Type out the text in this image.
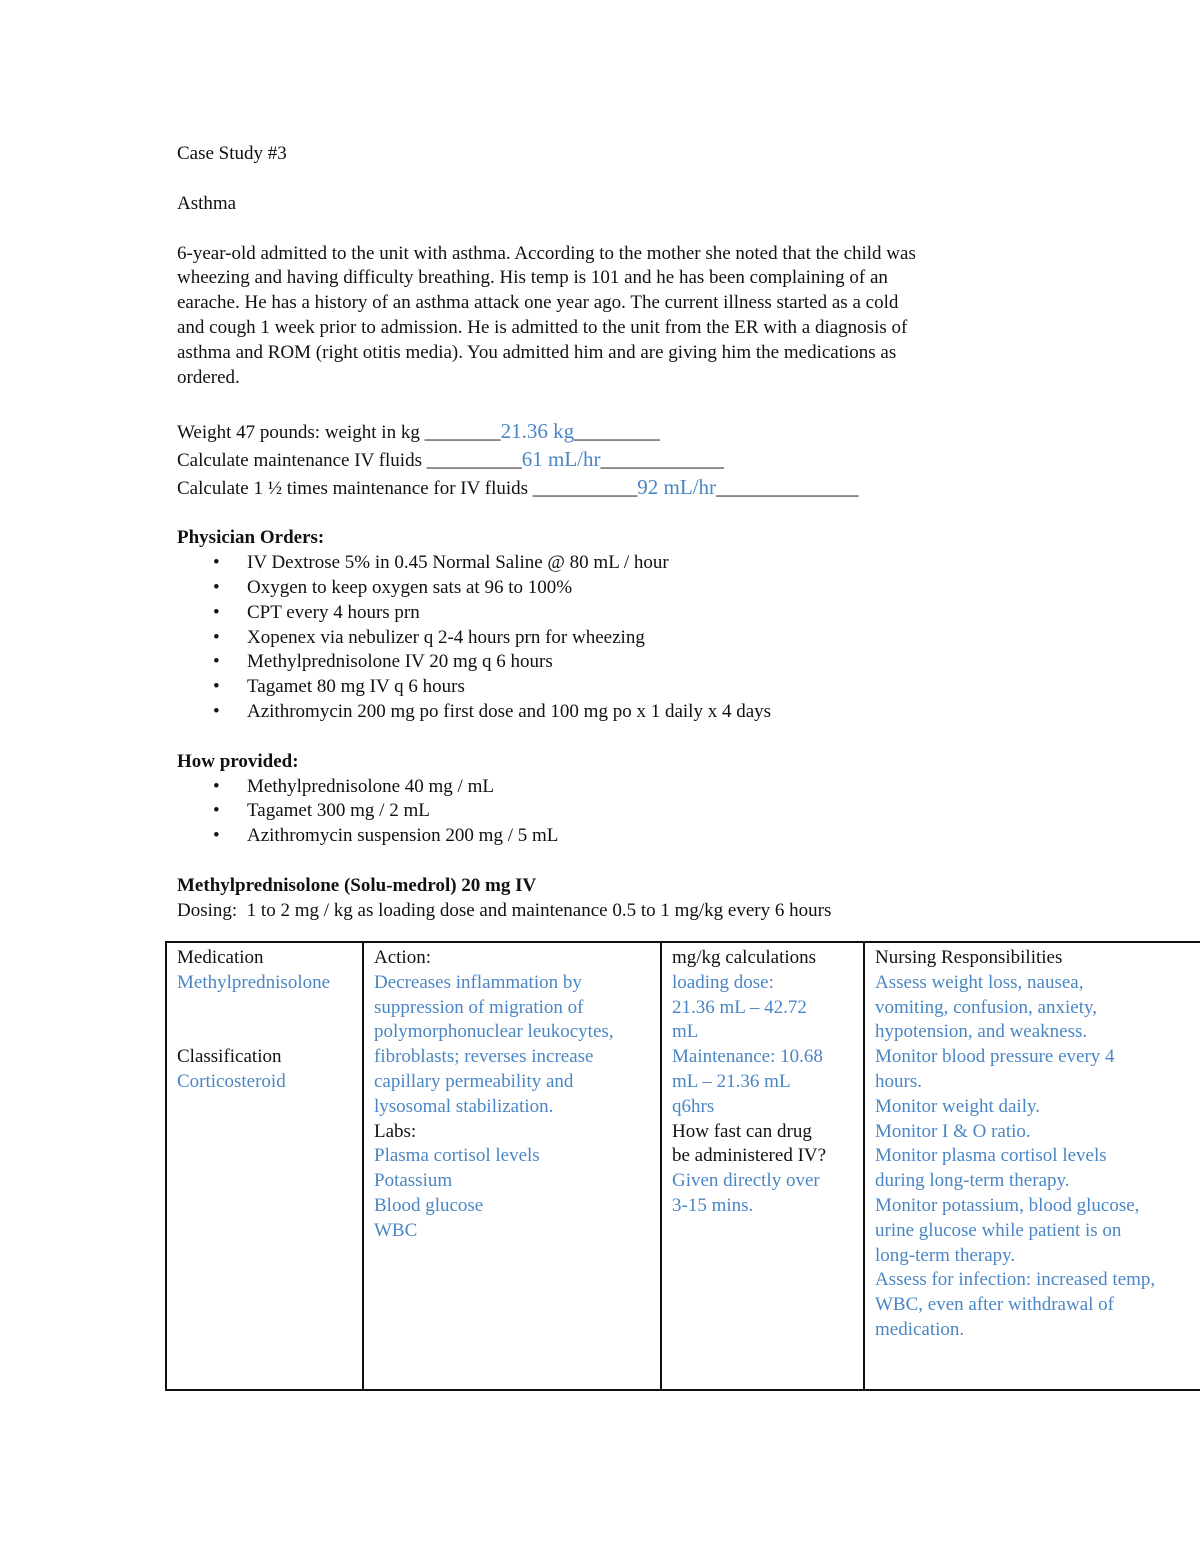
Case Study #3
Asthma
6-year-old admitted to the unit with asthma. According to the mother she noted that the child was
wheezing and having difficulty breathing. His temp is 101 and he has been complaining of an
earache. He has a history of an asthma attack one year ago. The current illness started as a cold
and cough 1 week prior to admission. He is admitted to the unit from the ER with a diagnosis of
asthma and ROM (right otitis media). You admitted him and are giving him the medications as
ordered.
Weight 47 pounds: weight in kg ________21.36 kg_________
Calculate maintenance IV fluids __________61 mL/hr_____________
Calculate 1 ½ times maintenance for IV fluids ___________92 mL/hr_______________
Physician Orders:
• IV Dextrose 5% in 0.45 Normal Saline @ 80 mL / hour
• Oxygen to keep oxygen sats at 96 to 100%
• CPT every 4 hours prn
• Xopenex via nebulizer q 2-4 hours prn for wheezing
• Methylprednisolone IV 20 mg q 6 hours
• Tagamet 80 mg IV q 6 hours
• Azithromycin 200 mg po first dose and 100 mg po x 1 daily x 4 days
How provided:
• Methylprednisolone 40 mg / mL
• Tagamet 300 mg / 2 mL
• Azithromycin suspension 200 mg / 5 mL
Methylprednisolone (Solu-medrol) 20 mg IV
Dosing:  1 to 2 mg / kg as loading dose and maintenance 0.5 to 1 mg/kg every 6 hours
Medication
Methylprednisolone
Classification
Corticosteroid

Action:
Decreases inflammation by
suppression of migration of
polymorphonuclear leukocytes,
fibroblasts; reverses increase
capillary permeability and
lysosomal stabilization.
Labs:
Plasma cortisol levels
Potassium
Blood glucose
WBC

mg/kg calculations
loading dose:
21.36 mL – 42.72
mL
Maintenance: 10.68
mL – 21.36 mL
q6hrs
How fast can drug
be administered IV?
Given directly over
3-15 mins.

Nursing Responsibilities
Assess weight loss, nausea,
vomiting, confusion, anxiety,
hypotension, and weakness.
Monitor blood pressure every 4
hours.
Monitor weight daily.
Monitor I & O ratio.
Monitor plasma cortisol levels
during long-term therapy.
Monitor potassium, blood glucose,
urine glucose while patient is on
long-term therapy.
Assess for infection: increased temp,
WBC, even after withdrawal of
medication.
